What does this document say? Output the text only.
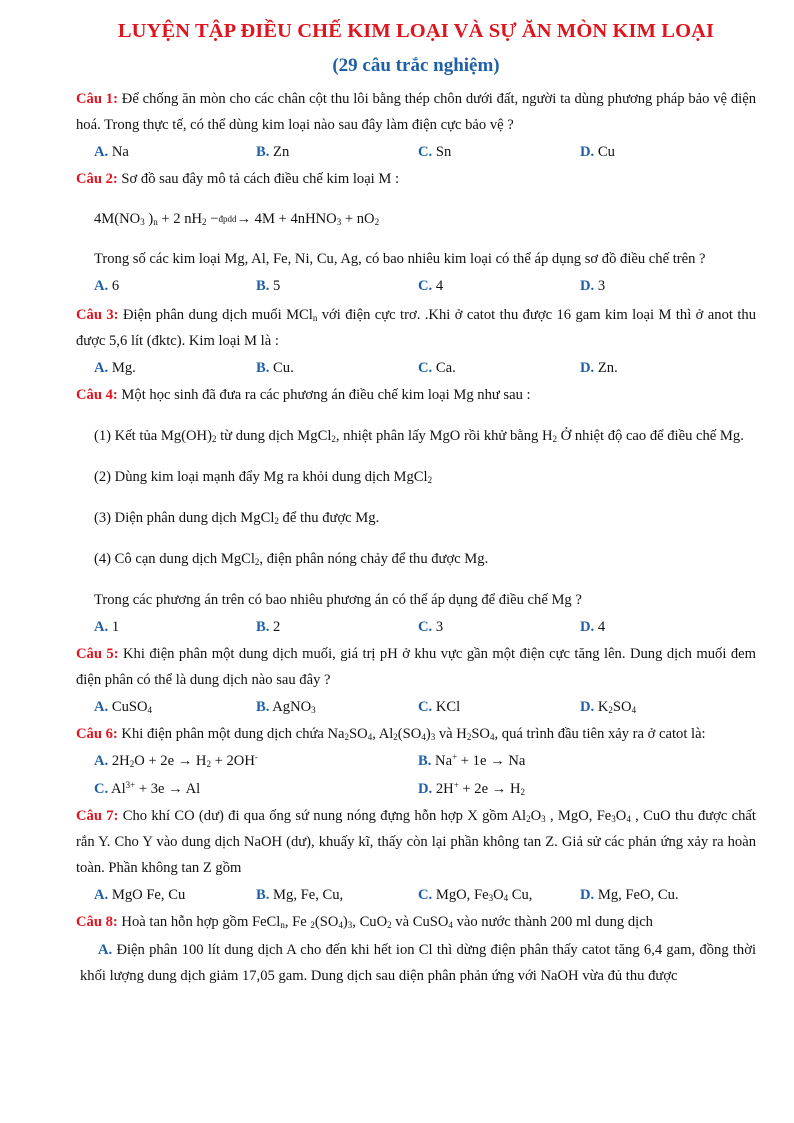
LUYỆN TẬP ĐIỀU CHẾ KIM LOẠI VÀ SỰ ĂN MÒN KIM LOẠI
(29 câu trắc nghiệm)

Câu 1: Để chống ăn mòn cho các chân cột thu lôi bằng thép chôn dưới đất, người ta dùng phương pháp bảo vệ điện hoá. Trong thực tế, có thể dùng kim loại nào sau đây làm điện cực bảo vệ ?

A. Na	B. Zn	C. Sn	D. Cu

Câu 2: Sơ đồ sau đây mô tả cách điều chế kim loại M :

$4M(NO_3$ )$_n + 2$ $nH_2$ −đpdd→ 4M + 4nHNO$_3$ + $nO_2$

Trong số các kim loại Mg, Al, Fe, Ni, Cu, Ag, có bao nhiêu kim loại có thể áp dụng sơ đồ điều chế trên ?

A. 6	B. 5	C. 4	D. 3

Câu 3: Điện phân dung dịch muối MCl$_n$ với điện cực trơ. .Khi ở catot thu được 16 gam kim loại M thì ở anot thu được 5,6 lít (đktc). Kim loại M là :

A. Mg.	B. Cu.	C. Ca.	D. Zn.

Câu 4: Một học sinh đã đưa ra các phương án điều chế kim loại Mg như sau :

(1) Kết tủa $Mg(OH)_2$ từ dung dịch MgCl$_2$, nhiệt phân lấy MgO rồi khử bằng $H_2$ Ở nhiệt độ cao để điều chế Mg.

(2) Dùng kim loại mạnh đẩy Mg ra khỏi dung dịch MgCl$_2$

(3) Diện phân dung dịch MgCl$_2$ để thu được Mg.

(4) Cô cạn dung dịch MgCl$_2$, điện phân nóng chảy để thu được Mg.

Trong các phương án trên có bao nhiêu phương án có thể áp dụng để điều chế Mg ?

A. 1	B. 2	C. 3	D. 4

Câu 5: Khi điện phân một dung dịch muối, giá trị pH ở khu vực gần một điện cực tăng lên. Dung dịch muối đem điện phân có thể là dung dịch nào sau đây ?

A. CuSO$_4$	B. AgNO$_3$	C. KCl	D. $K_2SO_4$

Câu 6: Khi điện phân một dung dịch chứa $Na_2SO_4$, $Al_2(SO_4)_3$ và $H_2SO_4$, quá trình đầu tiên xảy ra ở catot là:

A. $2H_2O + 2e \to H_2 + 2OH^-$	B. Na+ + 1e → Na
C. $Al^{3+} + 3e \to Al$	D. $2H^+ + 2e \to H_2$

Câu 7: Cho khí CO (dư) đi qua ống sứ nung nóng đựng hỗn hợp X gồm $Al_2O_3$ , MgO, $Fe_3O_4$ , CuO thu được chất rắn Y. Cho Y vào dung dịch NaOH (dư), khuấy kĩ, thấy còn lại phần không tan Z. Giả sử các phản ứng xảy ra hoàn toàn. Phần không tan Z gồm

A. MgO Fe, Cu	B. Mg, Fe, Cu,	C. MgO, $Fe_3O_4$ Cu,	D. Mg, FeO, Cu.

Câu 8: Hoà tan hỗn hợp gồm FeCl$_n$, Fe $_2(SO_4)_3$, CuO$_2$ và CuSO$_4$ vào nước thành 200 ml dung dịch

A. Điện phân 100 lít dung dịch A cho đến khi hết ion Cl thì dừng điện phân thấy catot tăng 6,4 gam, đồng thời khối lượng dung dịch giảm 17,05 gam. Dung dịch sau diện phân phản ứng với NaOH vừa đủ thu được
